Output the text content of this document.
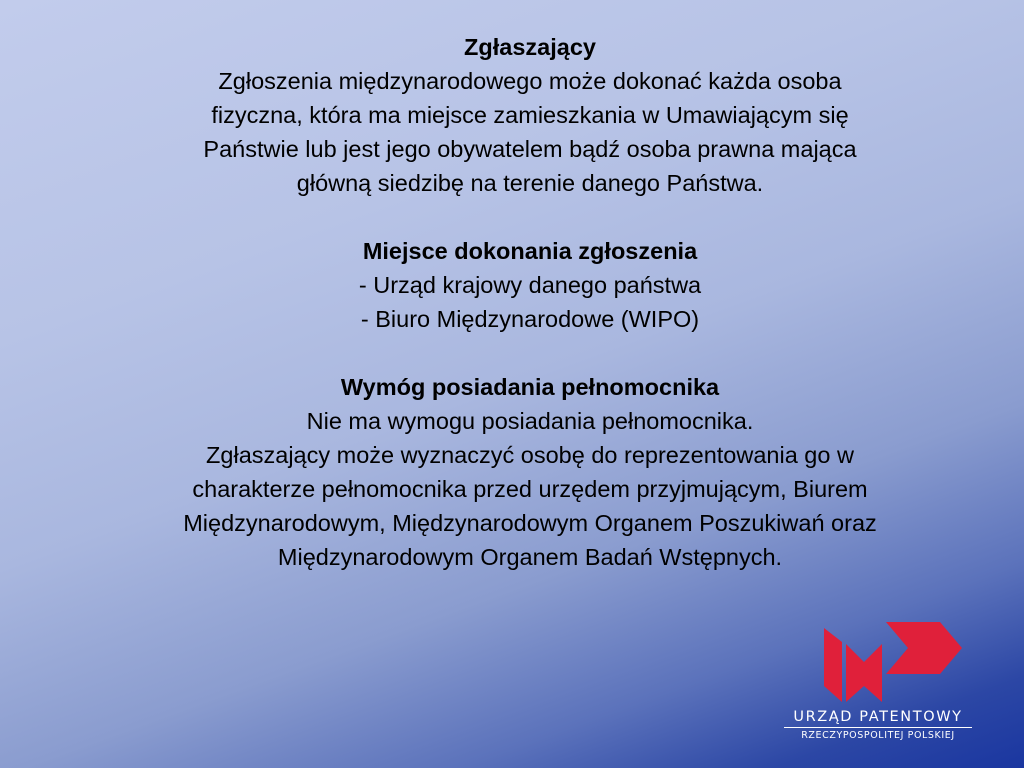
Zgłaszający
Zgłoszenia międzynarodowego może dokonać każda osoba
fizyczna, która ma miejsce zamieszkania w Umawiającym się
Państwie lub jest jego obywatelem bądź osoba prawna mająca
główną siedzibę na terenie danego Państwa.
Miejsce dokonania zgłoszenia
- Urząd krajowy danego państwa
- Biuro Międzynarodowe (WIPO)
Wymóg posiadania pełnomocnika
Nie ma wymogu posiadania pełnomocnika.
Zgłaszający może wyznaczyć osobę do reprezentowania go w
charakterze pełnomocnika przed urzędem przyjmującym, Biurem
Międzynarodowym, Międzynarodowym Organem Poszukiwań oraz
Międzynarodowym Organem Badań Wstępnych.
URZĄD PATENTOWY
RZECZYPOSPOLITEJ POLSKIEJ
